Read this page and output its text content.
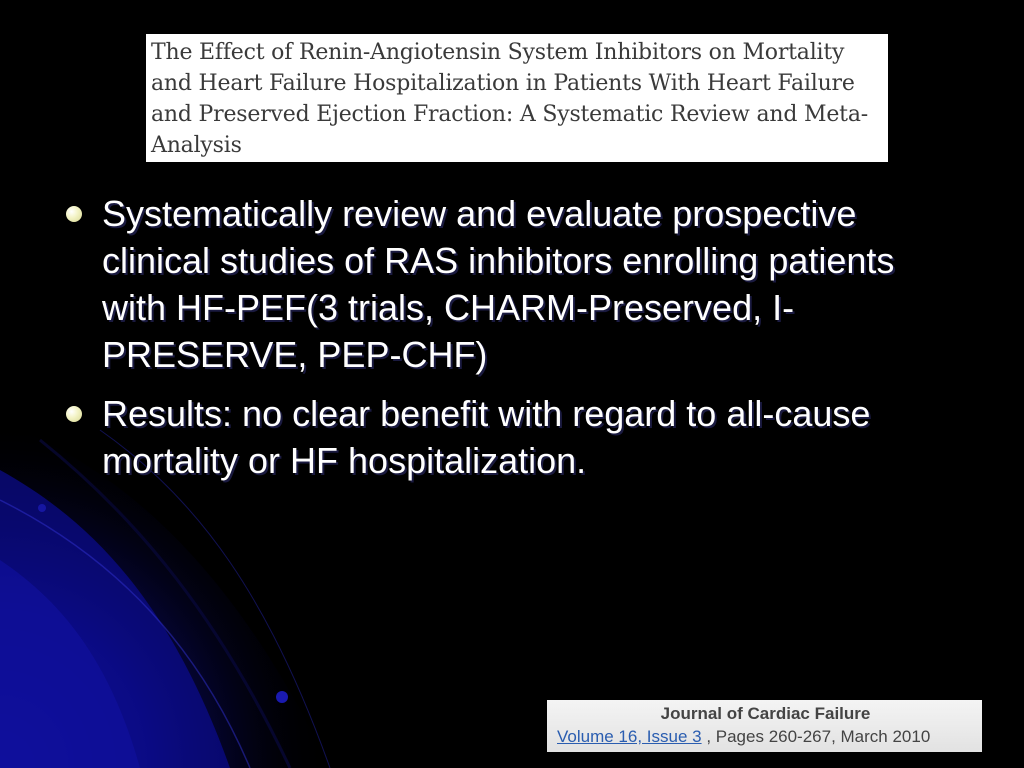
The Effect of Renin-Angiotensin System Inhibitors on Mortality and Heart Failure Hospitalization in Patients With Heart Failure and Preserved Ejection Fraction: A Systematic Review and Meta-Analysis

Systematically review and evaluate prospective clinical studies of RAS inhibitors enrolling patients with HF-PEF(3 trials, CHARM-Preserved, I-PRESERVE, PEP-CHF)
Results: no clear benefit with regard to all-cause mortality or HF hospitalization.

Journal of Cardiac Failure

Volume 16, Issue 3 , Pages 260-267, March 2010
